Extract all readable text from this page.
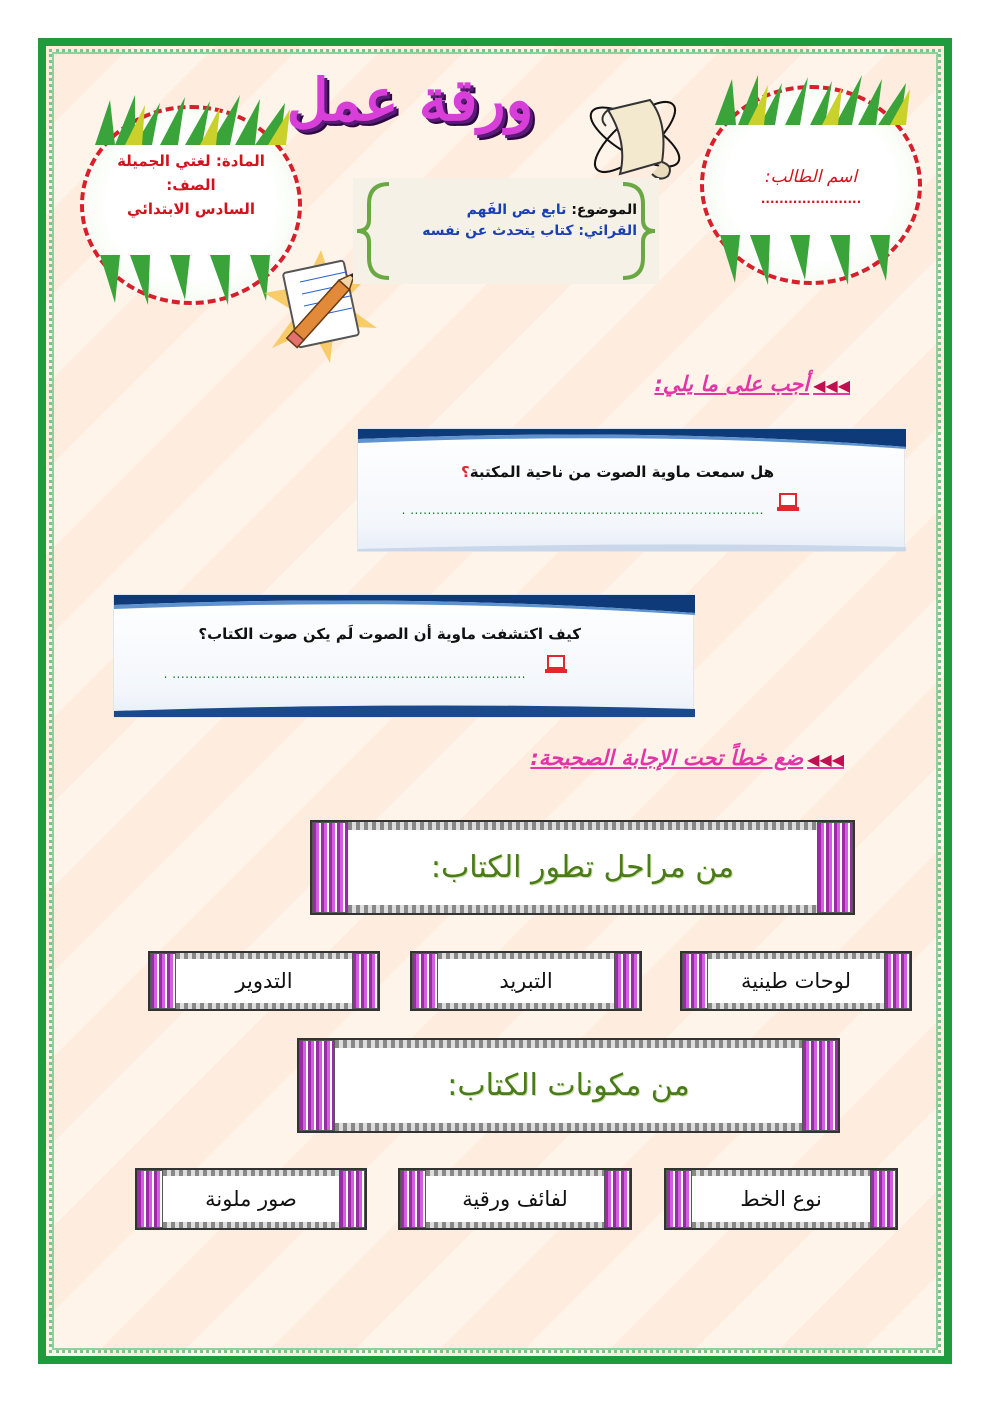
المادة: لغتي الجميلة
الصف:
السادس الابتدائي
اسم الطالب:
......................
ورقة عمل
الموضوع: تابع نص الفَهم
القرائي: كتاب يتحدث عن نفسه
◀◀◀أجب على ما يلي:
هل سمعت ماوية الصوت من ناحية المكتبة؟
.................................................................................. .
كيف اكتشفت ماوية أن الصوت لَم يكن صوت الكتاب؟
.................................................................................. .
◀◀◀ضع خطاً تحت الإجابة الصحيحة:
من مراحل تطور الكتاب:
التدوير	التبريد	لوحات طينية
من مكونات الكتاب:
صور ملونة	لفائف ورقية	نوع الخط
